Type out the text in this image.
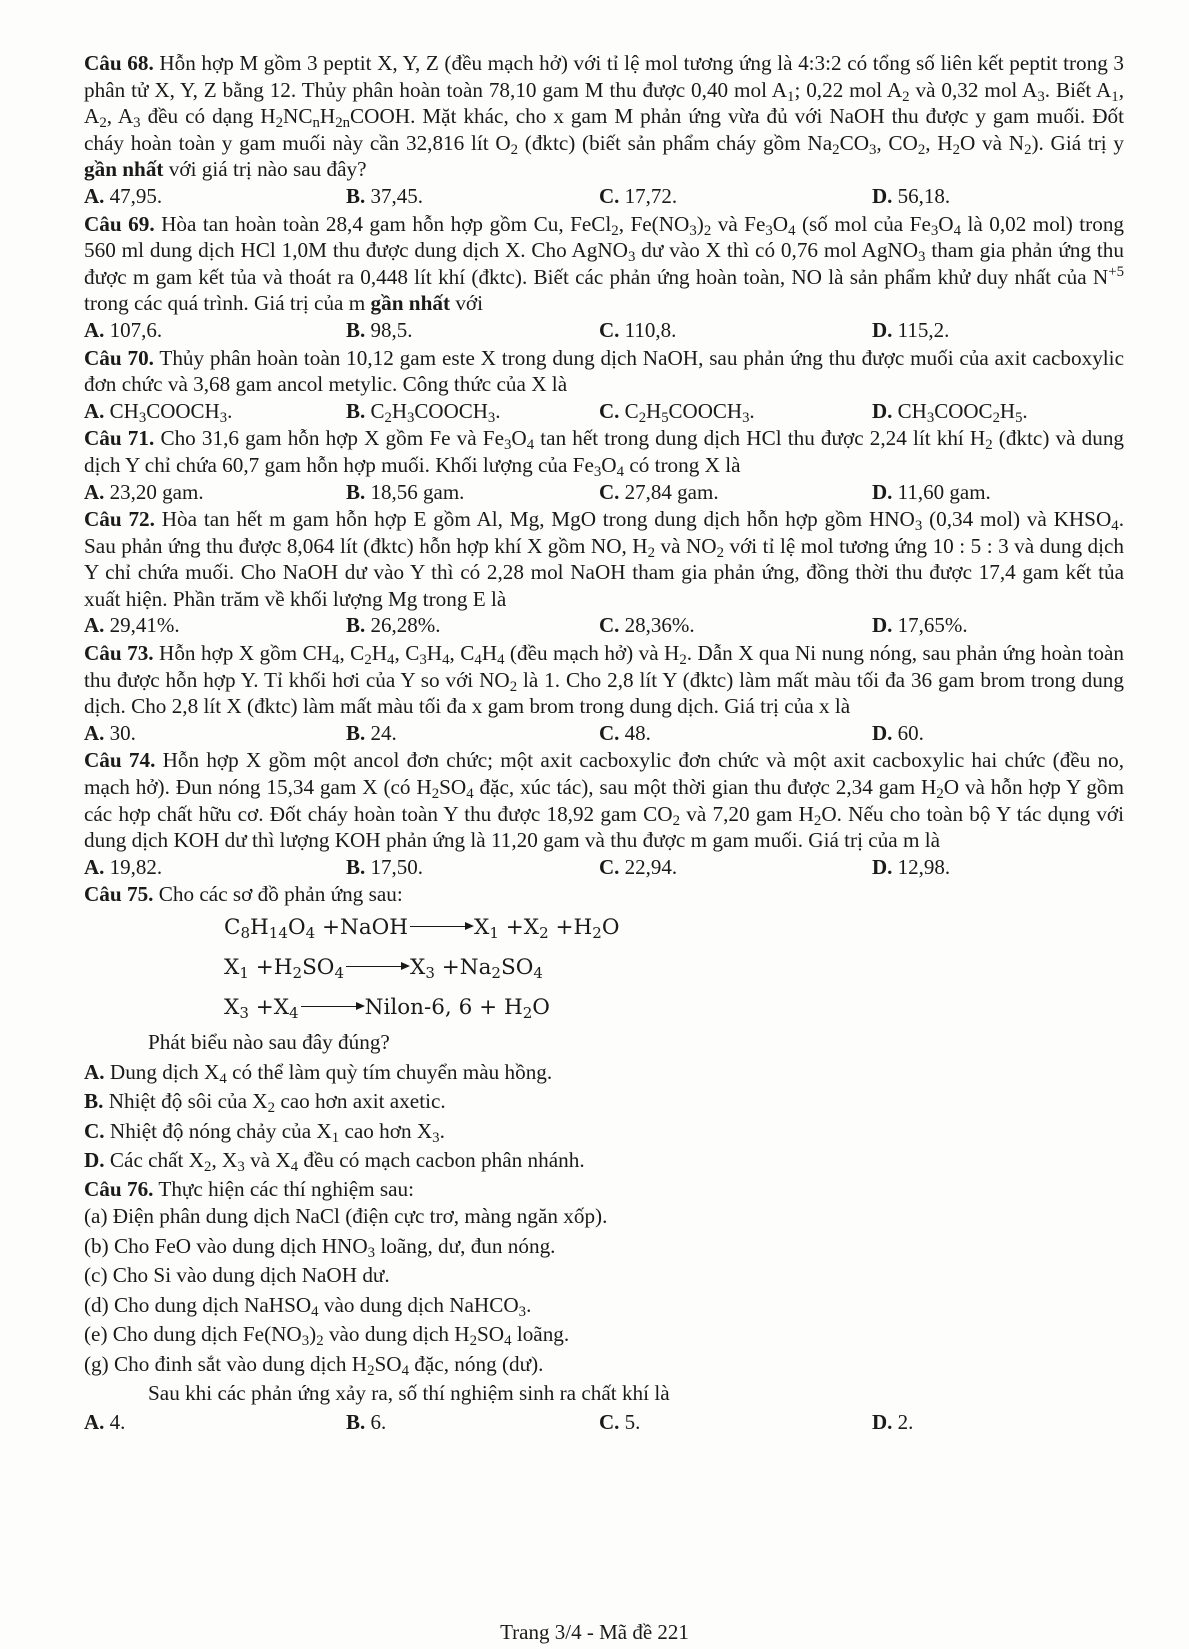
Câu 68. Hỗn hợp M gồm 3 peptit X, Y, Z (đều mạch hở) với tỉ lệ mol tương ứng là 4:3:2 có tổng số liên kết peptit trong 3 phân tử X, Y, Z bằng 12. Thủy phân hoàn toàn 78,10 gam M thu được 0,40 mol $A_1$; 0,22 mol $A_2$ và 0,32 mol $A_3$. Biết $A_1$, $A_2$, $A_3$ đều có dạng $H_2NC_nH_{2n}COOH$. Mặt khác, cho x gam M phản ứng vừa đủ với NaOH thu được y gam muối. Đốt cháy hoàn toàn y gam muối này cần 32,816 lít $O_2$ (đktc) (biết sản phẩm cháy gồm $Na_2CO_3$, $CO_2$, $H_2O$ và $N_2$). Giá trị y gần nhất với giá trị nào sau đây?

A. 47,95.	B. 37,45.	C. 17,72.	D. 56,18.

Câu 69. Hòa tan hoàn toàn 28,4 gam hỗn hợp gồm Cu, FeCl$_2$, $Fe(NO_3)_2$ và $Fe_3O_4$ (số mol của $Fe_3O_4$ là 0,02 mol) trong 560 ml dung dịch HCl 1,0M thu được dung dịch X. Cho AgNO$_3$ dư vào X thì có 0,76 mol AgNO$_3$ tham gia phản ứng thu được m gam kết tủa và thoát ra 0,448 lít khí (đktc). Biết các phản ứng hoàn toàn, NO là sản phẩm khử duy nhất của $N^{+5}$ trong các quá trình. Giá trị của m gần nhất với

A. 107,6.	B. 98,5.	C. 110,8.	D. 115,2.

Câu 70. Thủy phân hoàn toàn 10,12 gam este X trong dung dịch NaOH, sau phản ứng thu được muối của axit cacboxylic đơn chức và 3,68 gam ancol metylic. Công thức của X là

A. $CH_3COOCH_3$.	B. $C_2H_3COOCH_3$.	C. $C_2H_5COOCH_3$.	D. $CH_3COOC_2H_5$.

Câu 71. Cho 31,6 gam hỗn hợp X gồm Fe và $Fe_3O_4$ tan hết trong dung dịch HCl thu được 2,24 lít khí $H_2$ (đktc) và dung dịch Y chỉ chứa 60,7 gam hỗn hợp muối. Khối lượng của $Fe_3O_4$ có trong X là

A. 23,20 gam.	B. 18,56 gam.	C. 27,84 gam.	D. 11,60 gam.

Câu 72. Hòa tan hết m gam hỗn hợp E gồm Al, Mg, MgO trong dung dịch hỗn hợp gồm $HNO_3$ (0,34 mol) và $KHSO_4$. Sau phản ứng thu được 8,064 lít (đktc) hỗn hợp khí X gồm NO, $H_2$ và $NO_2$ với tỉ lệ mol tương ứng 10 : 5 : 3 và dung dịch Y chỉ chứa muối. Cho NaOH dư vào Y thì có 2,28 mol NaOH tham gia phản ứng, đồng thời thu được 17,4 gam kết tủa xuất hiện. Phần trăm về khối lượng Mg trong E là

A. 29,41%.	B. 26,28%.	C. 28,36%.	D. 17,65%.

Câu 73. Hỗn hợp X gồm $CH_4$, $C_2H_4$, $C_3H_4$, $C_4H_4$ (đều mạch hở) và $H_2$. Dẫn X qua Ni nung nóng, sau phản ứng hoàn toàn thu được hỗn hợp Y. Tỉ khối hơi của Y so với $NO_2$ là 1. Cho 2,8 lít Y (đktc) làm mất màu tối đa 36 gam brom trong dung dịch. Cho 2,8 lít X (đktc) làm mất màu tối đa x gam brom trong dung dịch. Giá trị của x là

A. 30.	B. 24.	C. 48.	D. 60.

Câu 74. Hỗn hợp X gồm một ancol đơn chức; một axit cacboxylic đơn chức và một axit cacboxylic hai chức (đều no, mạch hở). Đun nóng 15,34 gam X (có $H_2SO_4$ đặc, xúc tác), sau một thời gian thu được 2,34 gam $H_2O$ và hỗn hợp Y gồm các hợp chất hữu cơ. Đốt cháy hoàn toàn Y thu được 18,92 gam $CO_2$ và 7,20 gam $H_2O$. Nếu cho toàn bộ Y tác dụng với dung dịch KOH dư thì lượng KOH phản ứng là 11,20 gam và thu được m gam muối. Giá trị của m là

A. 19,82.	B. 17,50.	C. 22,94.	D. 12,98.

Câu 75. Cho các sơ đồ phản ứng sau:

$C_8H_{14}O_4$ +NaOH	$X_1 +X_2 +H_2O$
$X_1 +H_2SO_4$	$X_3 +Na_2SO_4$
$X_3 +X_4$	Nilon-6, $6 + H_2O$

Phát biểu nào sau đây đúng?

A. Dung dịch $X_4$ có thể làm quỳ tím chuyển màu hồng.

B. Nhiệt độ sôi của $X_2$ cao hơn axit axetic.

C. Nhiệt độ nóng chảy của $X_1$ cao hơn $X_3$.

D. Các chất $X_2$, $X_3$ và $X_4$ đều có mạch cacbon phân nhánh.

Câu 76. Thực hiện các thí nghiệm sau:

(a) Điện phân dung dịch NaCl (điện cực trơ, màng ngăn xốp).

(b) Cho FeO vào dung dịch $HNO_3$ loãng, dư, đun nóng.

(c) Cho Si vào dung dịch NaOH dư.

(d) Cho dung dịch NaHSO$_4$ vào dung dịch NaHCO$_3$.

(e) Cho dung dịch $Fe(NO_3)_2$ vào dung dịch $H_2SO_4$ loãng.

(g) Cho đinh sắt vào dung dịch $H_2SO_4$ đặc, nóng (dư).

Sau khi các phản ứng xảy ra, số thí nghiệm sinh ra chất khí là

A. 4.	B. 6.	C. 5.	D. 2.
Trang 3/4 - Mã đề 221
